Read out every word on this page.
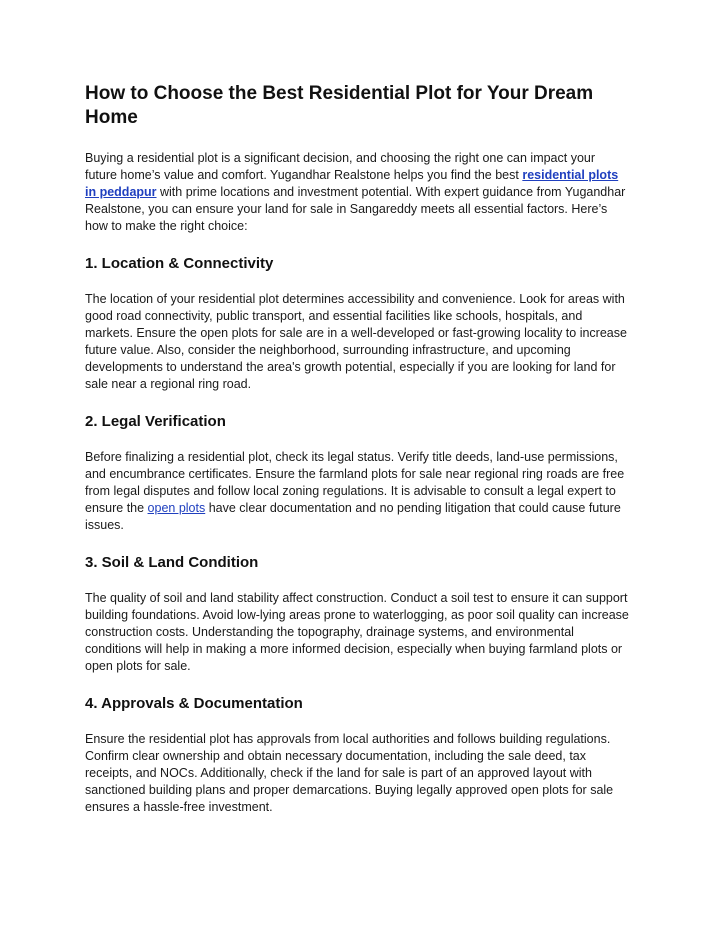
How to Choose the Best Residential Plot for Your Dream Home

Buying a residential plot is a significant decision, and choosing the right one can impact your future home’s value and comfort. Yugandhar Realstone helps you find the best residential plots in peddapur with prime locations and investment potential. With expert guidance from Yugandhar Realstone, you can ensure your land for sale in Sangareddy meets all essential factors. Here’s how to make the right choice:

1. Location & Connectivity

The location of your residential plot determines accessibility and convenience. Look for areas with good road connectivity, public transport, and essential facilities like schools, hospitals, and markets. Ensure the open plots for sale are in a well-developed or fast-growing locality to increase future value. Also, consider the neighborhood, surrounding infrastructure, and upcoming developments to understand the area's growth potential, especially if you are looking for land for sale near a regional ring road.

2. Legal Verification

Before finalizing a residential plot, check its legal status. Verify title deeds, land-use permissions, and encumbrance certificates. Ensure the farmland plots for sale near regional ring roads are free from legal disputes and follow local zoning regulations. It is advisable to consult a legal expert to ensure the open plots have clear documentation and no pending litigation that could cause future issues.

3. Soil & Land Condition

The quality of soil and land stability affect construction. Conduct a soil test to ensure it can support building foundations. Avoid low-lying areas prone to waterlogging, as poor soil quality can increase construction costs. Understanding the topography, drainage systems, and environmental conditions will help in making a more informed decision, especially when buying farmland plots or open plots for sale.

4. Approvals & Documentation

Ensure the residential plot has approvals from local authorities and follows building regulations. Confirm clear ownership and obtain necessary documentation, including the sale deed, tax receipts, and NOCs. Additionally, check if the land for sale is part of an approved layout with sanctioned building plans and proper demarcations. Buying legally approved open plots for sale ensures a hassle-free investment.
